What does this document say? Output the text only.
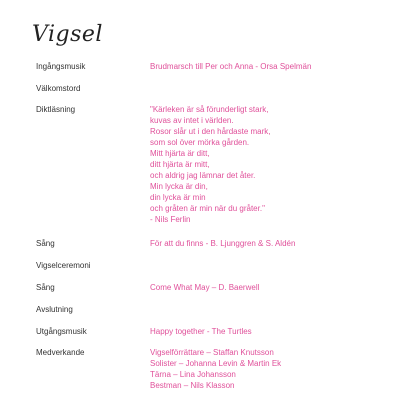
Vigsel
Ingångsmusik	Brudmarsch till Per och Anna - Orsa Spelmän
Välkomstord
Diktläsning	"Kärleken är så förunderligt stark,
kuvas av intet i världen.
Rosor slår ut i den hårdaste mark,
som sol över mörka gården.
Mitt hjärta är ditt,
ditt hjärta är mitt,
och aldrig jag lämnar det åter.
Min lycka är din,
din lycka är min
och gråten är min när du gråter."
- Nils Ferlin
Sång	För att du finns - B. Ljunggren & S. Aldén
Vigselceremoni
Sång	Come What May – D. Baerwell
Avslutning
Utgångsmusik	Happy together - The Turtles
Medverkande	Vigselförrättare – Staffan Knutsson
Solister – Johanna Levin & Martin Ek
Tärna – Lina Johansson
Bestman – Nils Klasson
